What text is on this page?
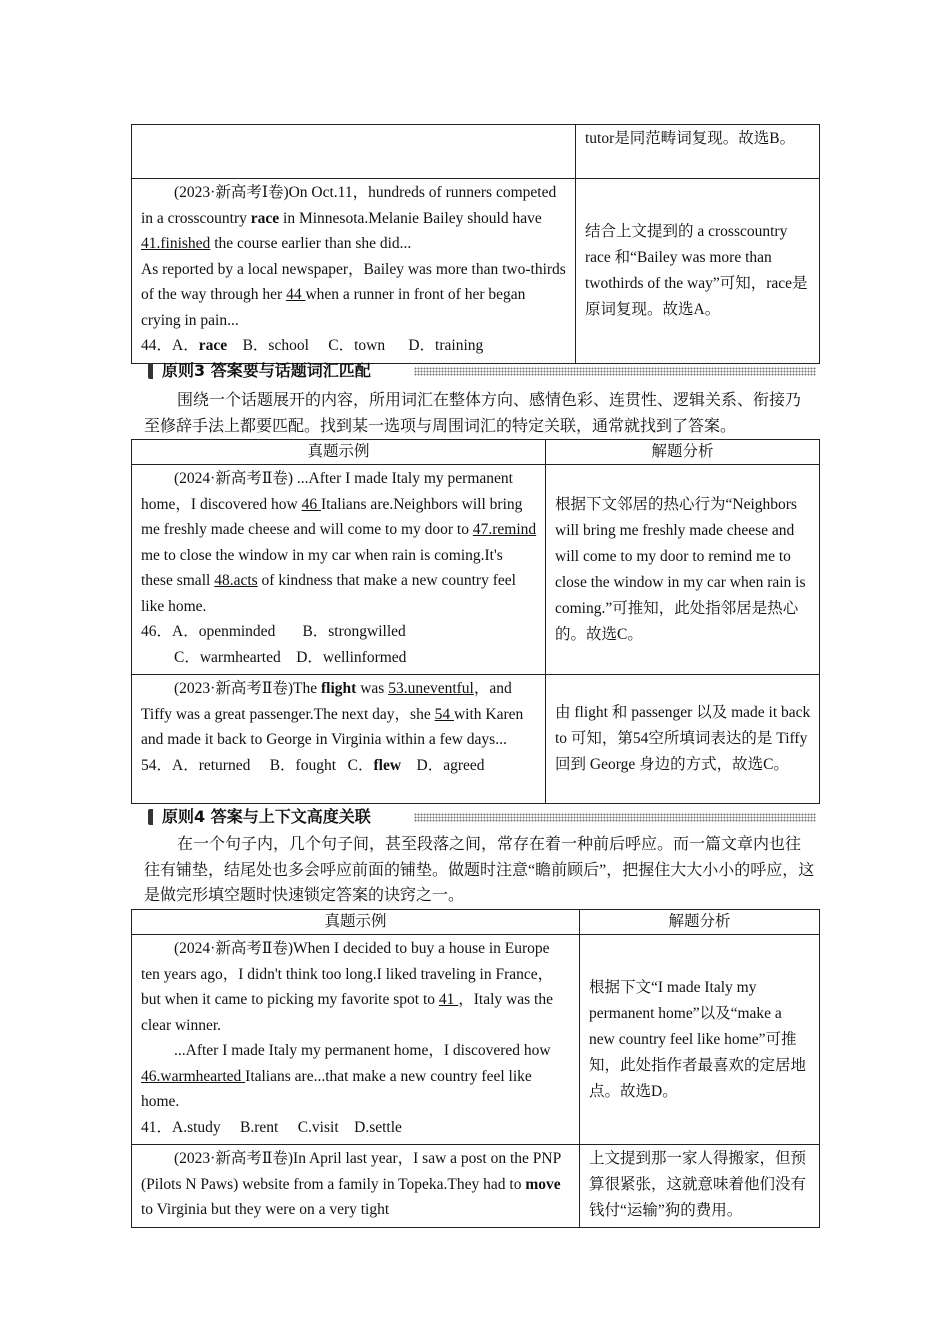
	tutor是同范畴词复现。故选B。

(2023·新高考Ⅰ卷)On Oct.11，hundreds of runners competed in a crosscountry race in Minnesota.Melanie Bailey should have 41.finished the course earlier than she did...

As reported by a local newspaper，Bailey was more than two-thirds of the way through her 44 when a runner in front of her began crying in pain...

44．A．race    B．school     C．town      D．training	结合上文提到的 a crosscountry race 和“Bailey was more than twothirds of the way”可知，race是原词复现。故选A。
原则3 答案要与话题词汇匹配

围绕一个话题展开的内容，所用词汇在整体方向、感情色彩、连贯性、逻辑关系、衔接乃至修辞手法上都要匹配。找到某一选项与周围词汇的特定关联，通常就找到了答案。

真题示例	解题分析

(2024·新高考Ⅱ卷) ...After I made Italy my permanent home，I discovered how 46 Italians are.Neighbors will bring me freshly made cheese and will come to my door to 47.remind me to close the window in my car when rain is coming.It's these small 48.acts of kindness that make a new country feel like home.

46．A．openminded       B．strongwilled

C．warmhearted    D．wellinformed	根据下文邻居的热心行为“Neighbors will bring me freshly made cheese and will come to my door to remind me to close the window in my car when rain is coming.”可推知，此处指邻居是热心的。故选C。

(2023·新高考Ⅱ卷)The flight was 53.uneventful，and Tiffy was a great passenger.The next day，she 54 with Karen and made it back to George in Virginia within a few days...

54．A．returned     B．fought   C．flew    D．agreed	由 flight 和 passenger 以及 made it back to 可知，第54空所填词表达的是 Tiffy 回到 George 身边的方式，故选C。
原则4 答案与上下文高度关联

在一个句子内，几个句子间，甚至段落之间，常存在着一种前后呼应。而一篇文章内也往往有铺垫，结尾处也多会呼应前面的铺垫。做题时注意“瞻前顾后”，把握住大大小小的呼应，这是做完形填空题时快速锁定答案的诀窍之一。

真题示例	解题分析

(2024·新高考Ⅱ卷)When I decided to buy a house in Europe ten years ago，I didn't think too long.I liked traveling in France，but when it came to picking my favorite spot to 41 ，Italy was the clear winner.

...After I made Italy my permanent home，I discovered how 46.warmhearted Italians are...that make a new country feel like home.

41．A.study     B.rent     C.visit    D.settle	根据下文“I made Italy my permanent home”以及“make a new country feel like home”可推知，此处指作者最喜欢的定居地点。故选D。

(2023·新高考Ⅱ卷)In April last year，I saw a post on the PNP (Pilots N Paws) website from a family in Topeka.They had to move to Virginia but they were on a very tight	上文提到那一家人得搬家，但预算很紧张，这就意味着他们没有钱付“运输”狗的费用。
